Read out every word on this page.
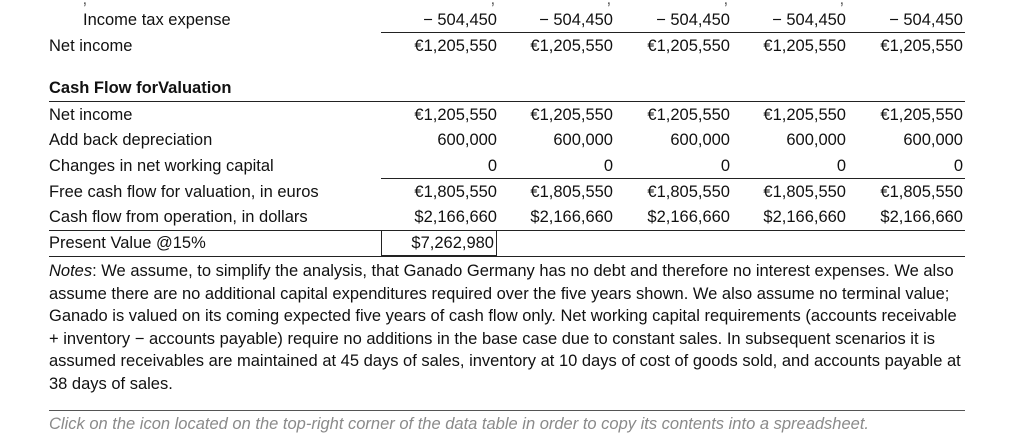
Income tax expense	− 504,450	− 504,450	− 504,450	− 504,450	− 504,450
Net income	€1,205,550	€1,205,550	€1,205,550	€1,205,550	€1,205,550
Cash Flow forValuation
Net income	€1,205,550	€1,205,550	€1,205,550	€1,205,550	€1,205,550
Add back depreciation	600,000	600,000	600,000	600,000	600,000
Changes in net working capital	0	0	0	0	0
Free cash flow for valuation, in euros	€1,805,550	€1,805,550	€1,805,550	€1,805,550	€1,805,550
Cash flow from operation, in dollars	$2,166,660	$2,166,660	$2,166,660	$2,166,660	$2,166,660
Present Value @15%	$7,262,980
Notes: We assume, to simplify the analysis, that Ganado Germany has no debt and therefore no interest expenses. We also assume there are no additional capital expenditures required over the five years shown. We also assume no terminal value; Ganado is valued on its coming expected five years of cash flow only. Net working capital requirements (accounts receivable + inventory − accounts payable) require no additions in the base case due to constant sales. In subsequent scenarios it is assumed receivables are maintained at 45 days of sales, inventory at 10 days of cost of goods sold, and accounts payable at 38 days of sales.
Click on the icon located on the top-right corner of the data table in order to copy its contents into a spreadsheet.
